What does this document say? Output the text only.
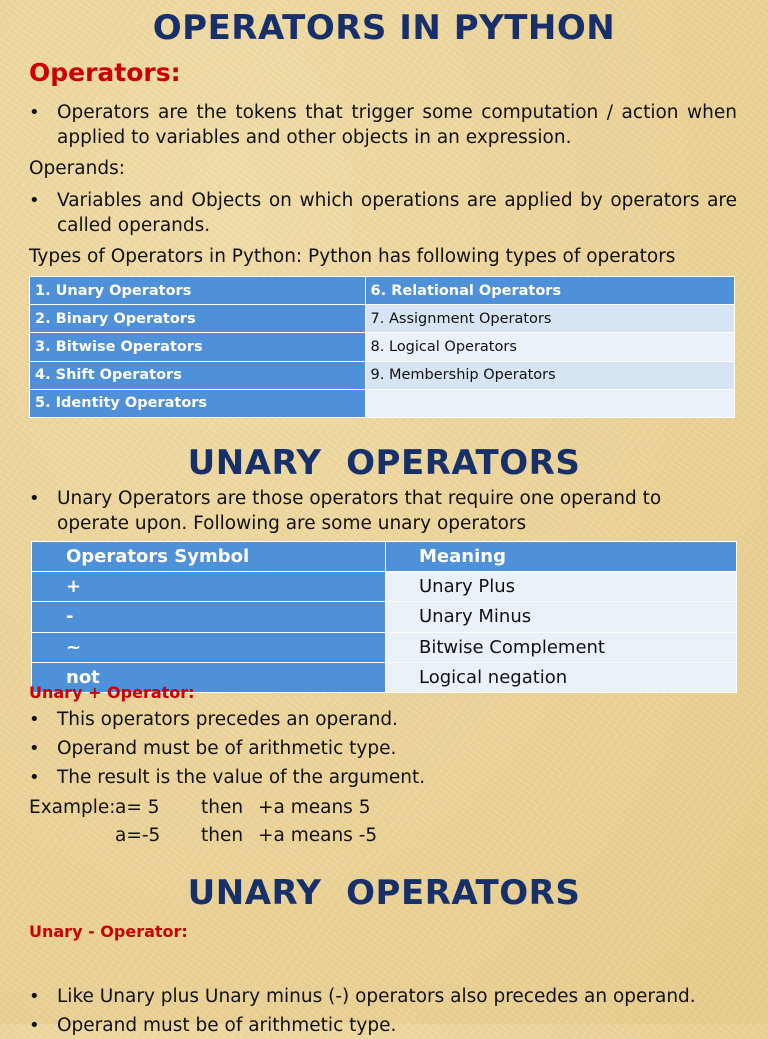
OPERATORS IN PYTHON
Operators:
• Operators are the tokens that trigger some computation / action when applied to variables and other objects in an expression.
Operands:
• Variables and Objects on which operations are applied by operators are called operands.
Types of Operators in Python: Python has following types of operators
1. Unary Operators	6. Relational Operators
2. Binary Operators	7. Assignment Operators
3. Bitwise Operators	8. Logical Operators
4. Shift Operators	9. Membership Operators
5. Identity Operators	
UNARY  OPERATORS
• Unary Operators are those operators that require one operand to operate upon. Following are some unary operators
Operators Symbol	Meaning
+	Unary Plus
-	Unary Minus
~	Bitwise Complement
not	Logical negation
Unary + Operator:
• This operators precedes an operand.
• Operand must be of arithmetic type.
• The result is the value of the argument.
Example: a= 5 then +a means 5
a=-5 then +a means -5
UNARY  OPERATORS
Unary - Operator:
• Like Unary plus Unary minus (-) operators also precedes an operand.
• Operand must be of arithmetic type.
